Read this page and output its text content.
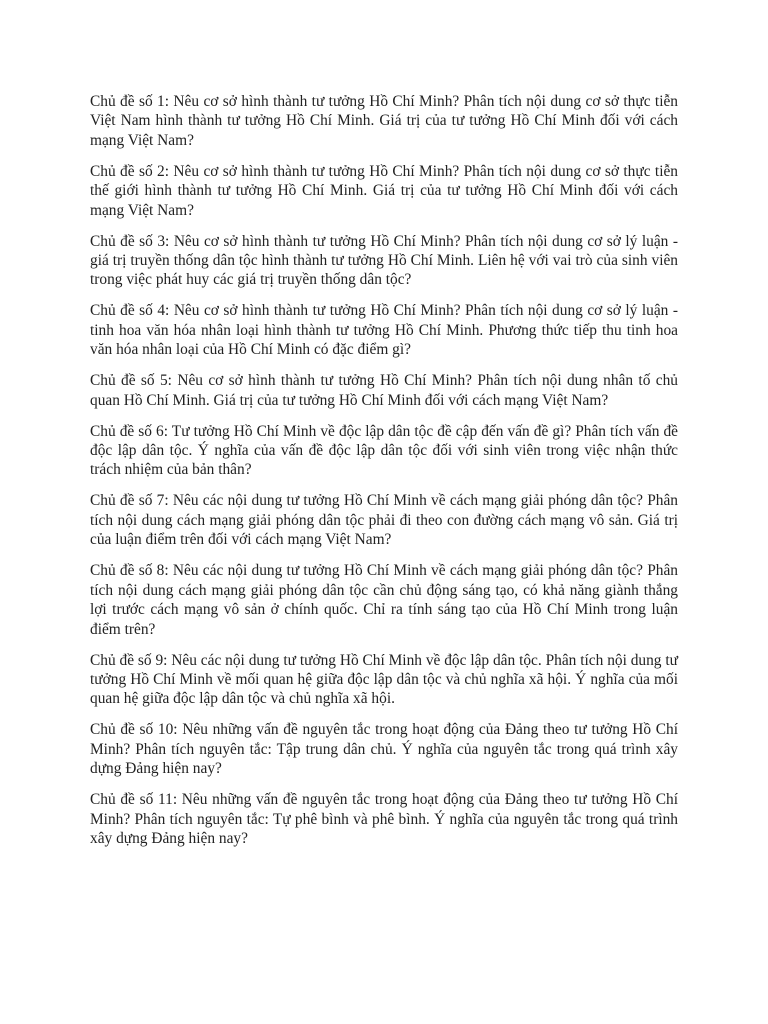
Chủ đề số 1: Nêu cơ sở hình thành tư tưởng Hồ Chí Minh? Phân tích nội dung cơ sở thực tiễn Việt Nam hình thành tư tưởng Hồ Chí Minh. Giá trị của tư tưởng Hồ Chí Minh đối với cách mạng Việt Nam?

Chủ đề số 2: Nêu cơ sở hình thành tư tưởng Hồ Chí Minh? Phân tích nội dung cơ sở thực tiễn thế giới hình thành tư tưởng Hồ Chí Minh. Giá trị của tư tưởng Hồ Chí Minh đối với cách mạng Việt Nam?

Chủ đề số 3: Nêu cơ sở hình thành tư tưởng Hồ Chí Minh? Phân tích nội dung cơ sở lý luận - giá trị truyền thống dân tộc hình thành tư tưởng Hồ Chí Minh. Liên hệ với vai trò của sinh viên trong việc phát huy các giá trị truyền thống dân tộc?

Chủ đề số 4: Nêu cơ sở hình thành tư tưởng Hồ Chí Minh? Phân tích nội dung cơ sở lý luận - tinh hoa văn hóa nhân loại hình thành tư tưởng Hồ Chí Minh. Phương thức tiếp thu tinh hoa văn hóa nhân loại của Hồ Chí Minh có đặc điểm gì?

Chủ đề số 5: Nêu cơ sở hình thành tư tưởng Hồ Chí Minh? Phân tích nội dung nhân tố chủ quan Hồ Chí Minh. Giá trị của tư tưởng Hồ Chí Minh đối với cách mạng Việt Nam?

Chủ đề số 6: Tư tưởng Hồ Chí Minh về độc lập dân tộc đề cập đến vấn đề gì? Phân tích vấn đề độc lập dân tộc. Ý nghĩa của vấn đề độc lập dân tộc đối với sinh viên trong việc nhận thức trách nhiệm của bản thân?

Chủ đề số 7: Nêu các nội dung tư tưởng Hồ Chí Minh về cách mạng giải phóng dân tộc? Phân tích nội dung cách mạng giải phóng dân tộc phải đi theo con đường cách mạng vô sản. Giá trị của luận điểm trên đối với cách mạng Việt Nam?

Chủ đề số 8: Nêu các nội dung tư tưởng Hồ Chí Minh về cách mạng giải phóng dân tộc? Phân tích nội dung cách mạng giải phóng dân tộc cần chủ động sáng tạo, có khả năng giành thắng lợi trước cách mạng vô sản ở chính quốc. Chỉ ra tính sáng tạo của Hồ Chí Minh trong luận điểm trên?

Chủ đề số 9: Nêu các nội dung tư tưởng Hồ Chí Minh về độc lập dân tộc. Phân tích nội dung tư tưởng Hồ Chí Minh về mối quan hệ giữa độc lập dân tộc và chủ nghĩa xã hội. Ý nghĩa của mối quan hệ giữa độc lập dân tộc và chủ nghĩa xã hội.

Chủ đề số 10: Nêu những vấn đề nguyên tắc trong hoạt động của Đảng theo tư tưởng Hồ Chí Minh? Phân tích nguyên tắc: Tập trung dân chủ. Ý nghĩa của nguyên tắc trong quá trình xây dựng Đảng hiện nay?

Chủ đề số 11: Nêu những vấn đề nguyên tắc trong hoạt động của Đảng theo tư tưởng Hồ Chí Minh? Phân tích nguyên tắc: Tự phê bình và phê bình. Ý nghĩa của nguyên tắc trong quá trình xây dựng Đảng hiện nay?
